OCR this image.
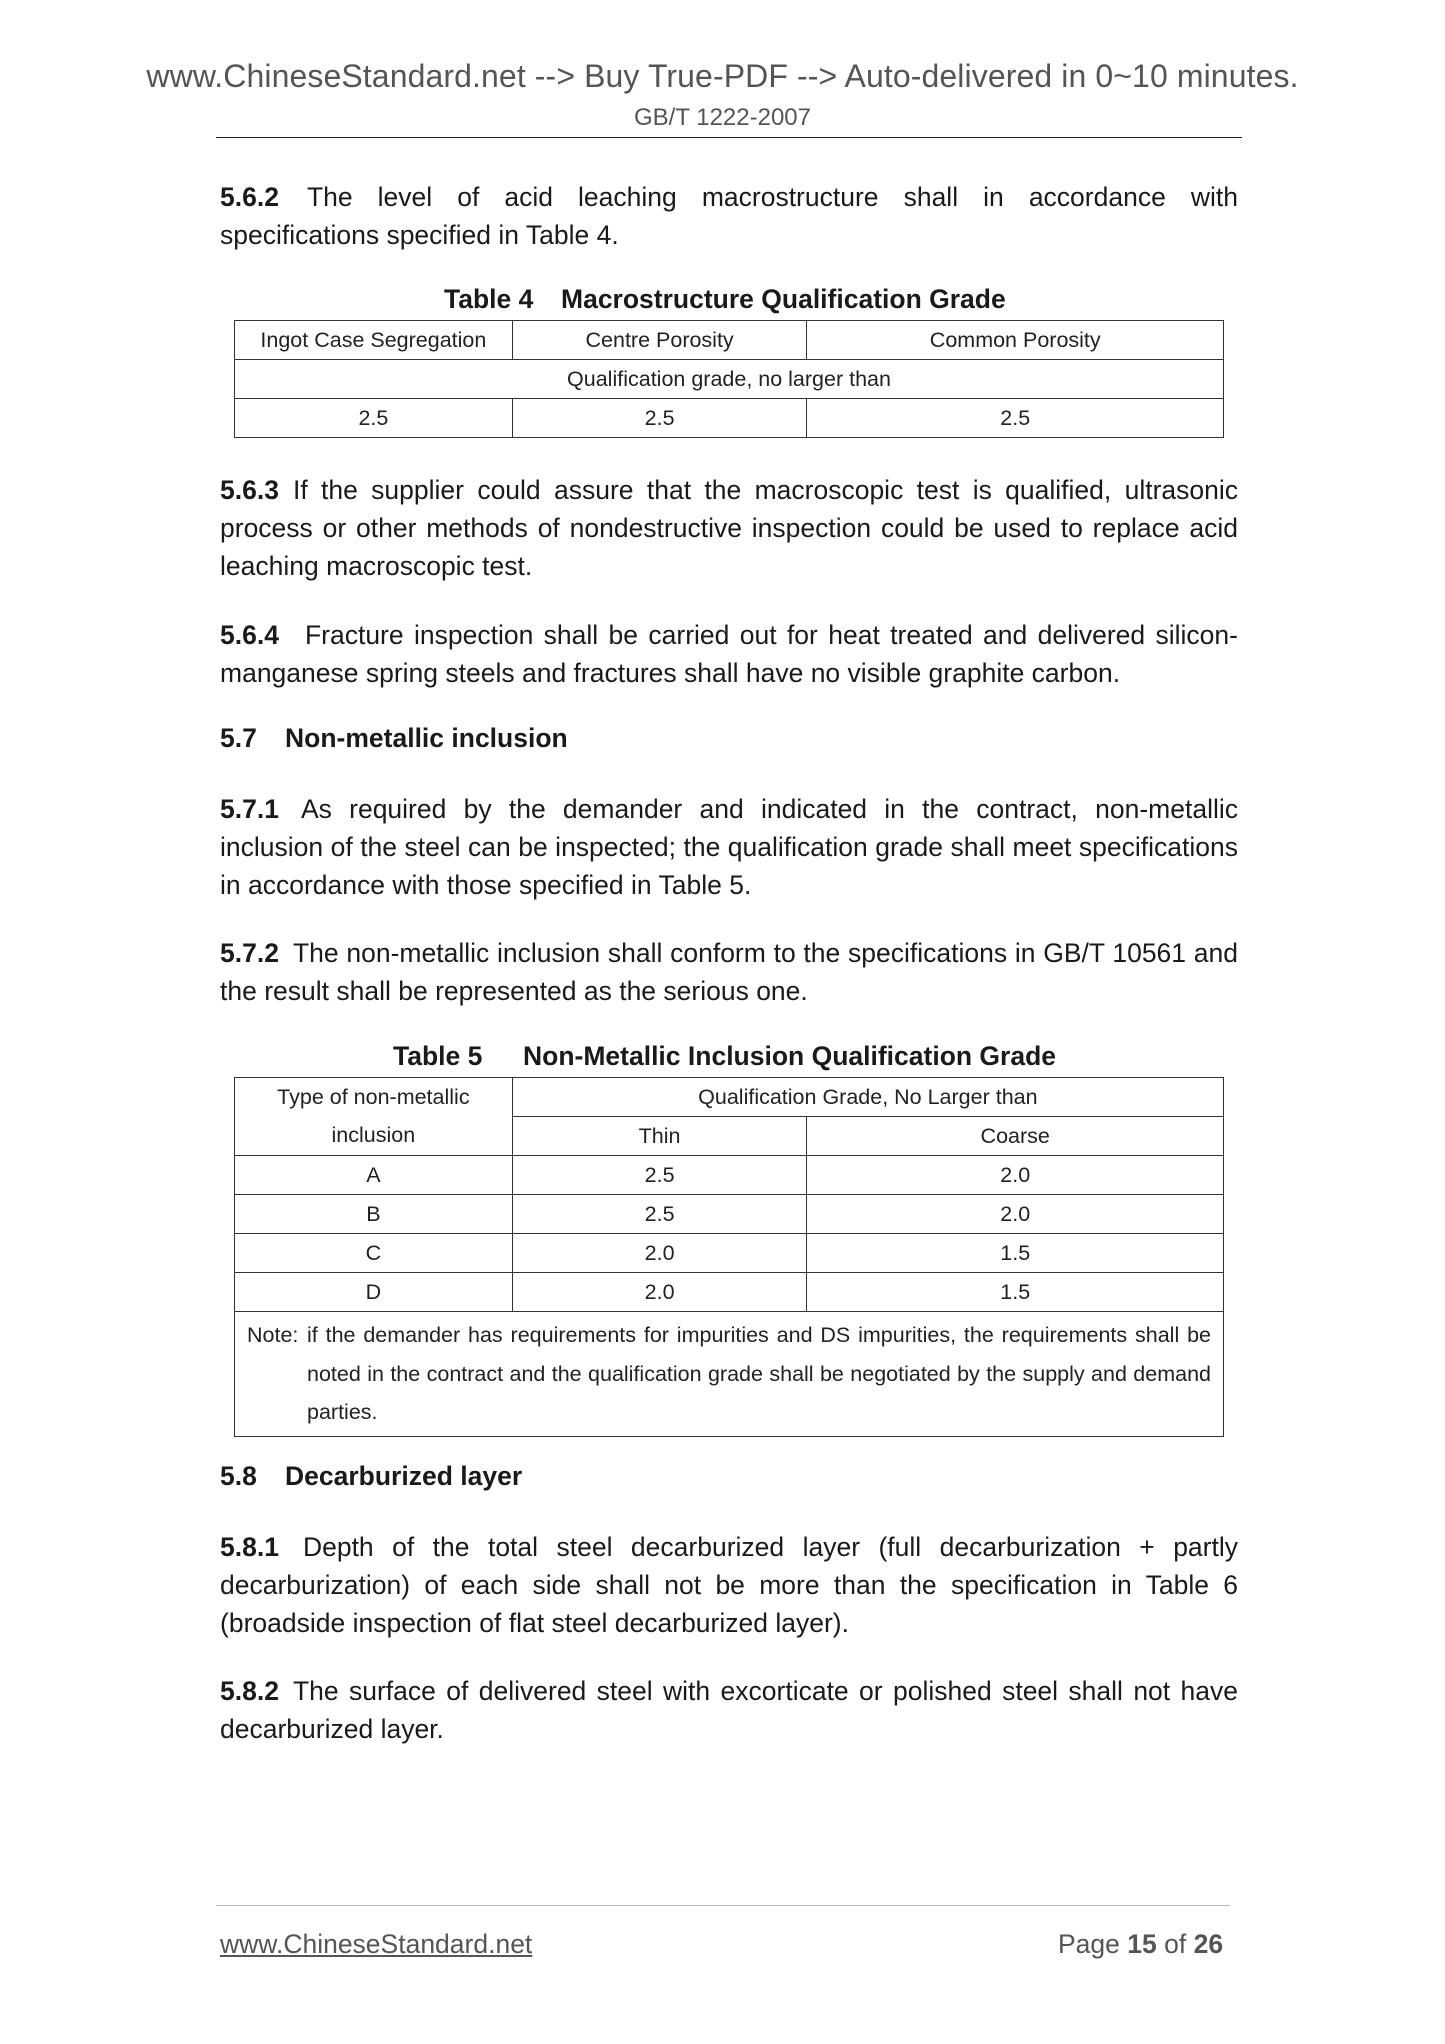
www.ChineseStandard.net --> Buy True-PDF --> Auto-delivered in 0~10 minutes.
GB/T 1222-2007

5.6.2 The level of acid leaching macrostructure shall in accordance with specifications specified in Table 4.

Table 4 Macrostructure Qualification Grade
Ingot Case Segregation	Centre Porosity	Common Porosity
Qualification grade, no larger than		
2.5	2.5	2.5

5.6.3 If the supplier could assure that the macroscopic test is qualified, ultrasonic process or other methods of nondestructive inspection could be used to replace acid leaching macroscopic test.

5.6.4 Fracture inspection shall be carried out for heat treated and delivered silicon-manganese spring steels and fractures shall have no visible graphite carbon.

5.7 Non-metallic inclusion

5.7.1 As required by the demander and indicated in the contract, non-metallic inclusion of the steel can be inspected; the qualification grade shall meet specifications in accordance with those specified in Table 5.

5.7.2 The non-metallic inclusion shall conform to the specifications in GB/T 10561 and the result shall be represented as the serious one.

Table 5 Non-Metallic Inclusion Qualification Grade
Type of non-metallic	Qualification Grade, No Larger than	
inclusion	Thin	Coarse
A	2.5	2.0
B	2.5	2.0
C	2.0	1.5
D	2.0	1.5

Note: if the demander has requirements for impurities and DS impurities, the requirements shall be noted in the contract and the qualification grade shall be negotiated by the supply and demand parties.		
5.8 Decarburized layer

5.8.1 Depth of the total steel decarburized layer (full decarburization + partly decarburization) of each side shall not be more than the specification in Table 6 (broadside inspection of flat steel decarburized layer).

5.8.2 The surface of delivered steel with excorticate or polished steel shall not have decarburized layer.

www.ChineseStandard.net	Page 15 of 26
